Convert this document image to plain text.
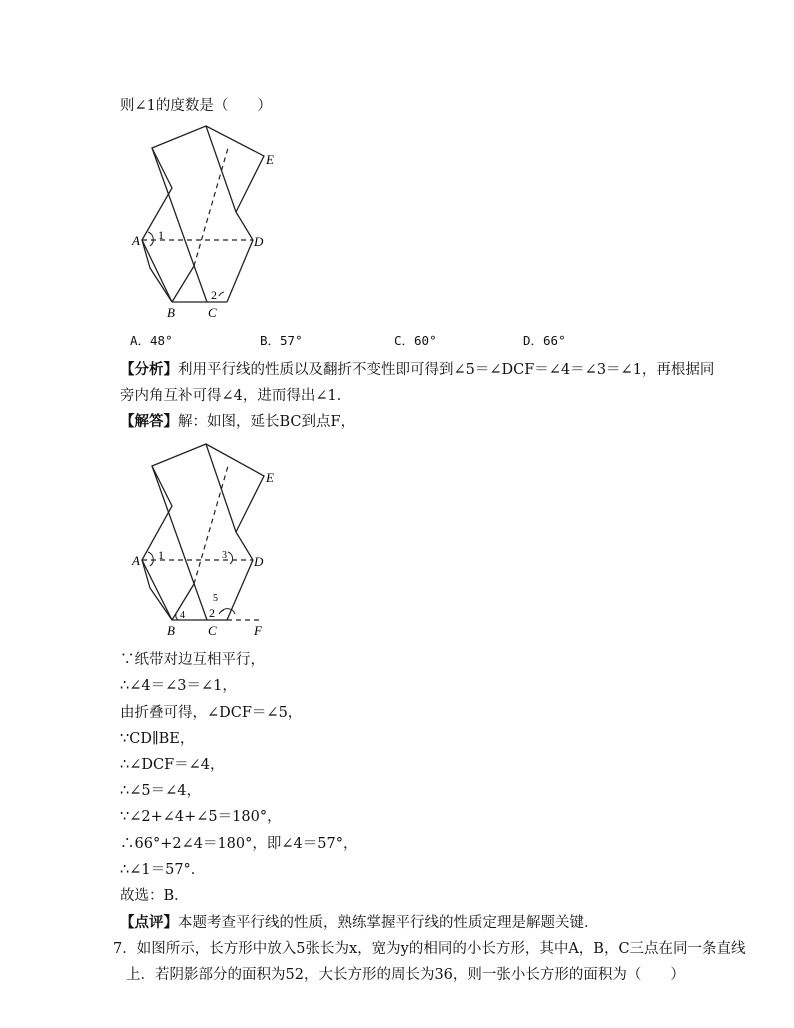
则∠1的度数是（　　）
A
B	C
D
E
1
2
A．48°	B．57°	C．60°	D．66°
【分析】利用平行线的性质以及翻折不变性即可得到∠5＝∠DCF＝∠4＝∠3＝∠1，再根据同
旁内角互补可得∠4，进而得出∠1．
【解答】解：如图，延长BC到点F，
A
B	C
D
E
F
1
2
3
4
5
∵纸带对边互相平行，
∴∠4＝∠3＝∠1，
由折叠可得，∠DCF＝∠5，
∵CD∥BE，
∴∠DCF＝∠4，
∴∠5＝∠4，
∵∠2+∠4+∠5＝180°，
∴66°+2∠4＝180°，即∠4＝57°，
∴∠1＝57°．
故选：B．
【点评】本题考查平行线的性质，熟练掌握平行线的性质定理是解题关键．
7．如图所示，长方形中放入5张长为x，宽为y的相同的小长方形，其中A，B，C三点在同一条直线
上．若阴影部分的面积为52，大长方形的周长为36，则一张小长方形的面积为（　　）
